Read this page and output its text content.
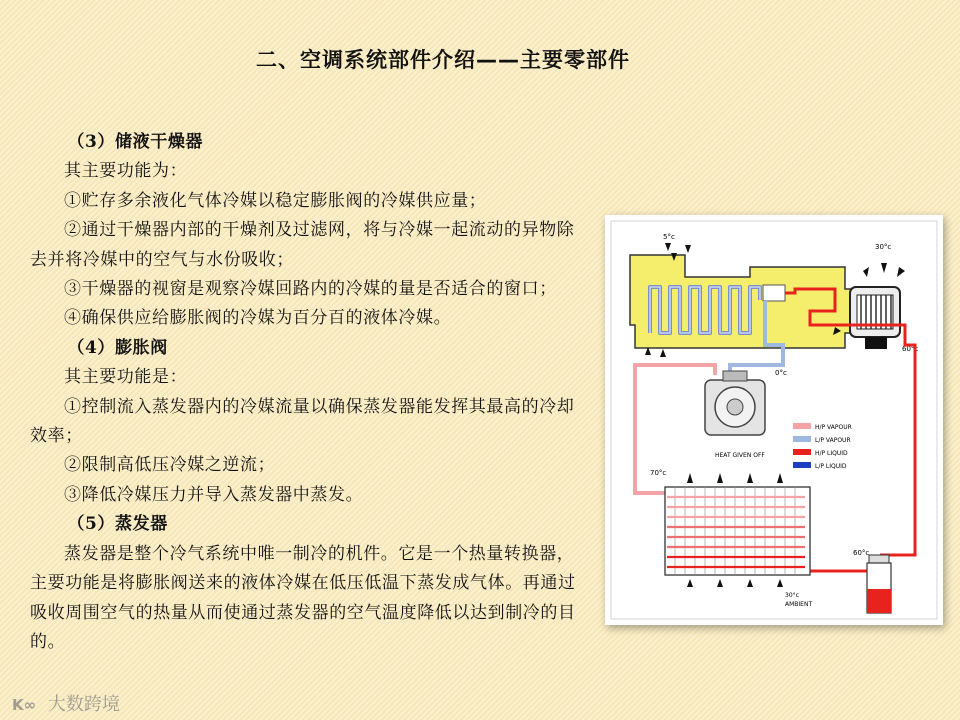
二、空调系统部件介绍——主要零部件

（3）储液干燥器

其主要功能为：

①贮存多余液化气体冷媒以稳定膨胀阀的冷媒供应量；

②通过干燥器内部的干燥剂及过滤网，将与冷媒一起流动的异物除去并将冷媒中的空气与水份吸收；

③干燥器的视窗是观察冷媒回路内的冷媒的量是否适合的窗口；

④确保供应给膨胀阀的冷媒为百分百的液体冷媒。

（4）膨胀阀

其主要功能是：

①控制流入蒸发器内的冷媒流量以确保蒸发器能发挥其最高的冷却效率；

②限制高低压冷媒之逆流；

③降低冷媒压力并导入蒸发器中蒸发。

（5）蒸发器

蒸发器是整个冷气系统中唯一制冷的机件。它是一个热量转换器，主要功能是将膨胀阀送来的液体冷媒在低压低温下蒸发成气体。再通过吸收周围空气的热量从而使通过蒸发器的空气温度降低以达到制冷的目的。

5°c
30°c
0°c
60°c
70°c
60°c
HEAT GIVEN OFF
30°c
AMBIENT
H/P VAPOUR
L/P VAPOUR
H/P LIQUID
L/P LIQUID
K∞ 大数跨境
